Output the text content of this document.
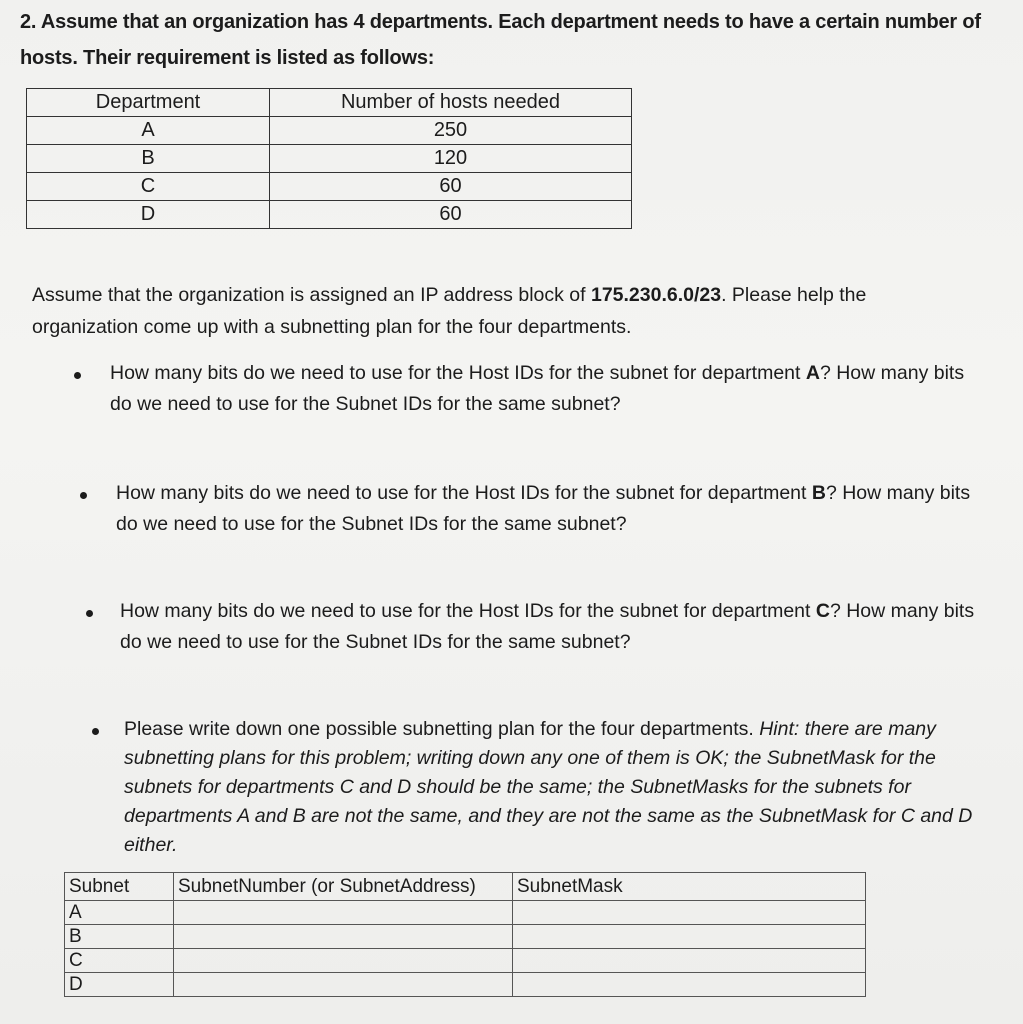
2. Assume that an organization has 4 departments. Each department needs to have a certain number of hosts. Their requirement is listed as follows:
Department	Number of hosts needed
A	250
B	120
C	60
D	60
Assume that the organization is assigned an IP address block of 175.230.6.0/23. Please help the organization come up with a subnetting plan for the four departments.
How many bits do we need to use for the Host IDs for the subnet for department A? How many bits do we need to use for the Subnet IDs for the same subnet?
How many bits do we need to use for the Host IDs for the subnet for department B? How many bits do we need to use for the Subnet IDs for the same subnet?
How many bits do we need to use for the Host IDs for the subnet for department C? How many bits do we need to use for the Subnet IDs for the same subnet?
Please write down one possible subnetting plan for the four departments. Hint: there are many subnetting plans for this problem; writing down any one of them is OK; the SubnetMask for the subnets for departments C and D should be the same; the SubnetMasks for the subnets for departments A and B are not the same, and they are not the same as the SubnetMask for C and D either.
Subnet	SubnetNumber (or SubnetAddress)	SubnetMask
A		
B		
C		
D		
